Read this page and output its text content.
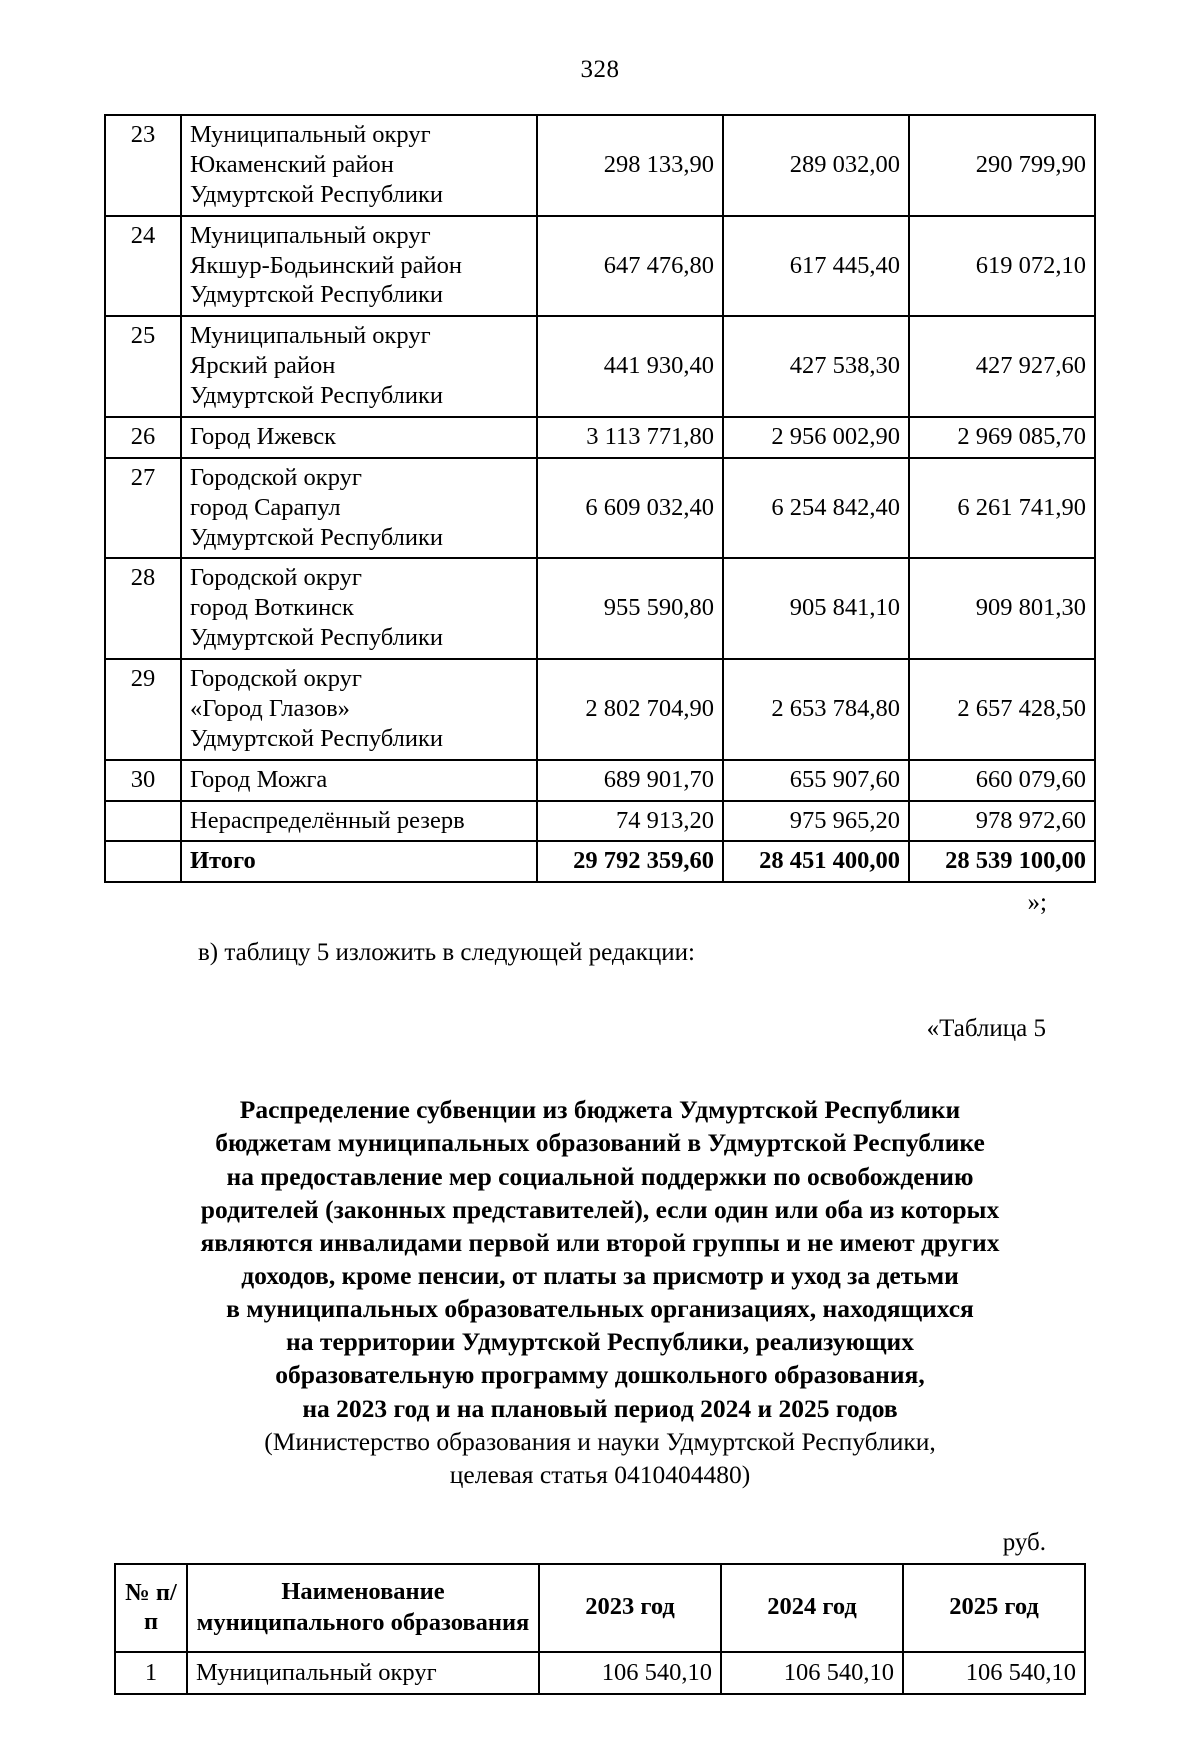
328
23	Муниципальный округ
Юкаменский район
Удмуртской Республики	298 133,90	289 032,00	290 799,90
24	Муниципальный округ
Якшур-Бодьинский район
Удмуртской Республики	647 476,80	617 445,40	619 072,10
25	Муниципальный округ
Ярский район
Удмуртской Республики	441 930,40	427 538,30	427 927,60
26	Город Ижевск	3 113 771,80	2 956 002,90	2 969 085,70
27	Городской округ
город Сарапул
Удмуртской Республики	6 609 032,40	6 254 842,40	6 261 741,90
28	Городской округ
город Воткинск
Удмуртской Республики	955 590,80	905 841,10	909 801,30
29	Городской округ
«Город Глазов»
Удмуртской Республики	2 802 704,90	2 653 784,80	2 657 428,50
30	Город Можга	689 901,70	655 907,60	660 079,60

	Нераспределённый резерв	74 913,20	975 965,20	978 972,60

	Итого	29 792 359,60	28 451 400,00	28 539 100,00
»;
в) таблицу 5 изложить в следующей редакции:
«Таблица 5
Распределение субвенции из бюджета Удмуртской Республики
бюджетам муниципальных образований в Удмуртской Республике
на предоставление мер социальной поддержки по освобождению
родителей (законных представителей), если один или оба из которых
являются инвалидами первой или второй группы и не имеют других
доходов, кроме пенсии, от платы за присмотр и уход за детьми
в муниципальных образовательных организациях, находящихся
на территории Удмуртской Республики, реализующих
образовательную программу дошкольного образования,
на 2023 год и на плановый период 2024 и 2025 годов
(Министерство образования и науки Удмуртской Республики,
целевая статья 0410404480)
руб.
№ п/п	Наименование муниципального образования	2023 год	2024 год	2025 год
1	Муниципальный округ	106 540,10	106 540,10	106 540,10
